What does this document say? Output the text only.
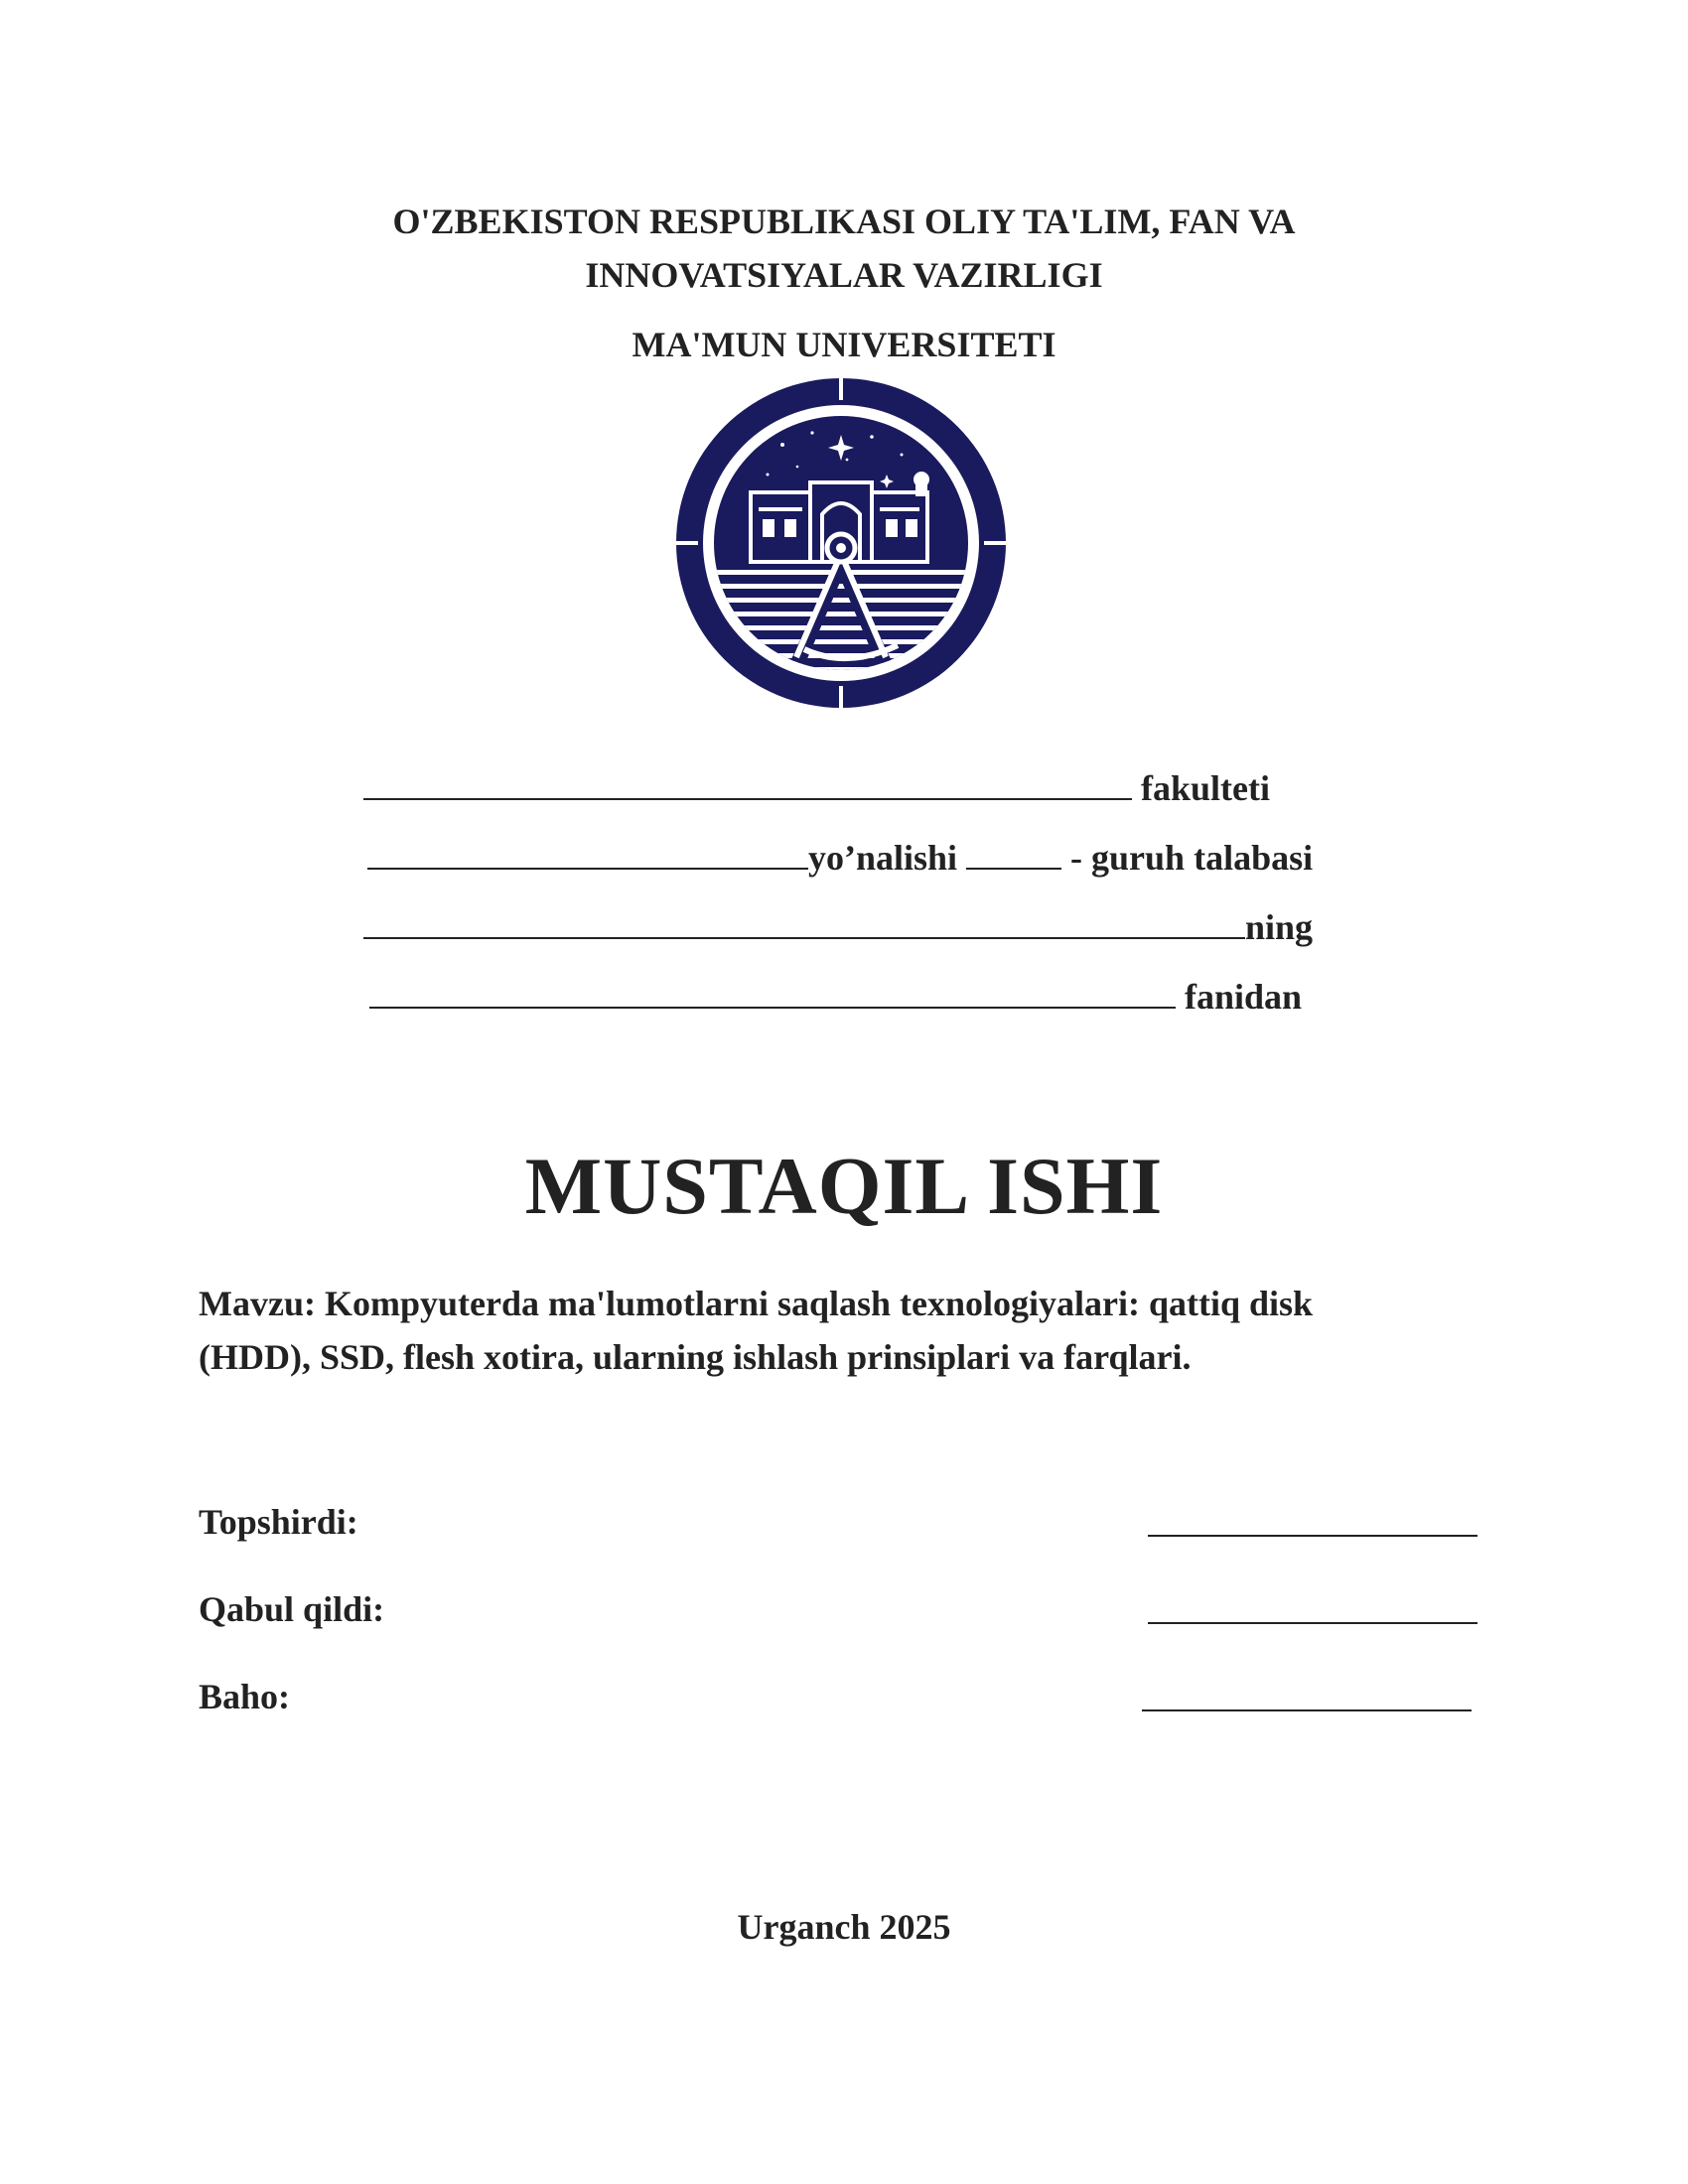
O'ZBEKISTON RESPUBLIKASI OLIY TA'LIM, FAN VA
INNOVATSIYALAR VAZIRLIGI
MA'MUN UNIVERSITETI
fakulteti
yo’nalishi	- guruh talabasi
ning
fanidan
MUSTAQIL ISHI
Mavzu: Kompyuterda ma'lumotlarni saqlash texnologiyalari: qattiq disk
(HDD), SSD, flesh xotira, ularning ishlash prinsiplari va farqlari.
Topshirdi:
Qabul qildi:
Baho:
Urganch 2025
